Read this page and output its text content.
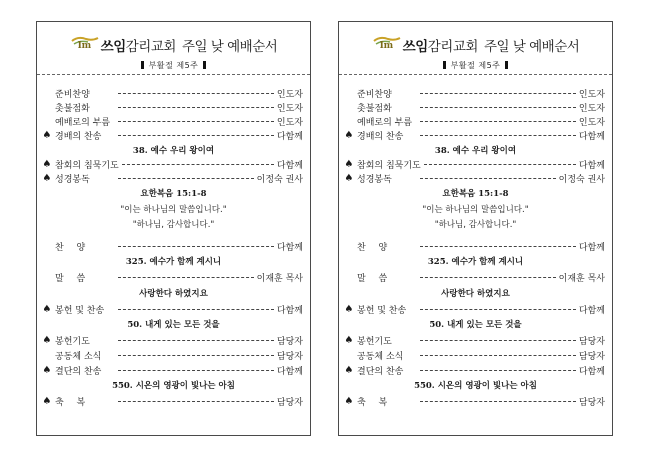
Im 쓰임감리교회 주일 낮 예배순서
부활절 제5주
준비찬양	인도자
촛불점화	인도자
예배로의 부름	인도자
♠ 경배의 찬송	다함께
38. 예수 우리 왕이여
♠ 참회의 침묵기도	다함께
♠ 성경봉독	이정숙 권사
요한복음 15:1-8
"이는 하나님의 말씀입니다."
"하나님, 감사합니다."
찬 양	다함께
325. 예수가 함께 계시니
말 씀	이재훈 목사
사랑한다 하였지요
♠ 봉헌 및 찬송	다함께
50. 내게 있는 모든 것을
♠ 봉헌기도	담당자
공동체 소식	담당자
♠ 결단의 찬송	다함께
550. 시온의 영광이 빛나는 아침
♠ 축 복	담당자
Im 쓰임감리교회 주일 낮 예배순서
부활절 제5주
준비찬양	인도자
촛불점화	인도자
예배로의 부름	인도자
♠ 경배의 찬송	다함께
38. 예수 우리 왕이여
♠ 참회의 침묵기도	다함께
♠ 성경봉독	이정숙 권사
요한복음 15:1-8
"이는 하나님의 말씀입니다."
"하나님, 감사합니다."
찬 양	다함께
325. 예수가 함께 계시니
말 씀	이재훈 목사
사랑한다 하였지요
♠ 봉헌 및 찬송	다함께
50. 내게 있는 모든 것을
♠ 봉헌기도	담당자
공동체 소식	담당자
♠ 결단의 찬송	다함께
550. 시온의 영광이 빛나는 아침
♠ 축 복	담당자
